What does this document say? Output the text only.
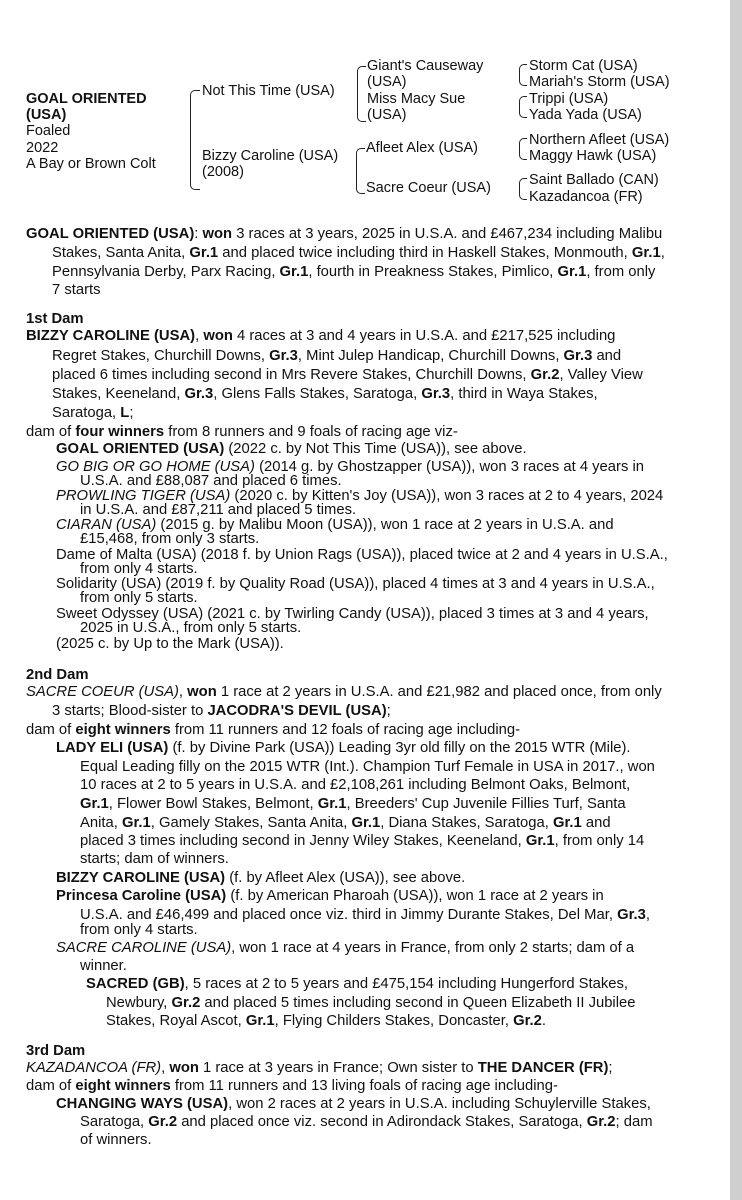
GOAL ORIENTED
(USA)
Foaled
2022
A Bay or Brown Colt
Not This Time (USA)
Giant's Causeway
(USA)
Miss Macy Sue
(USA)
Storm Cat (USA)
Mariah's Storm (USA)
Trippi (USA)
Yada Yada (USA)
Bizzy Caroline (USA)
(2008)
Afleet Alex (USA)
Sacre Coeur (USA)
Northern Afleet (USA)
Maggy Hawk (USA)
Saint Ballado (CAN)
Kazadancoa (FR)
GOAL ORIENTED (USA): won 3 races at 3 years, 2025 in U.S.A. and £467,234 including Malibu
Stakes, Santa Anita, Gr.1 and placed twice including third in Haskell Stakes, Monmouth, Gr.1,
Pennsylvania Derby, Parx Racing, Gr.1, fourth in Preakness Stakes, Pimlico, Gr.1, from only
7 starts
1st Dam
BIZZY CAROLINE (USA), won 4 races at 3 and 4 years in U.S.A. and £217,525 including
Regret Stakes, Churchill Downs, Gr.3, Mint Julep Handicap, Churchill Downs, Gr.3 and
placed 6 times including second in Mrs Revere Stakes, Churchill Downs, Gr.2, Valley View
Stakes, Keeneland, Gr.3, Glens Falls Stakes, Saratoga, Gr.3, third in Waya Stakes,
Saratoga, L;
dam of four winners from 8 runners and 9 foals of racing age viz-
GOAL ORIENTED (USA) (2022 c. by Not This Time (USA)), see above.
GO BIG OR GO HOME (USA) (2014 g. by Ghostzapper (USA)), won 3 races at 4 years in
U.S.A. and £88,087 and placed 6 times.
PROWLING TIGER (USA) (2020 c. by Kitten's Joy (USA)), won 3 races at 2 to 4 years, 2024
in U.S.A. and £87,211 and placed 5 times.
CIARAN (USA) (2015 g. by Malibu Moon (USA)), won 1 race at 2 years in U.S.A. and
£15,468, from only 3 starts.
Dame of Malta (USA) (2018 f. by Union Rags (USA)), placed twice at 2 and 4 years in U.S.A.,
from only 4 starts.
Solidarity (USA) (2019 f. by Quality Road (USA)), placed 4 times at 3 and 4 years in U.S.A.,
from only 5 starts.
Sweet Odyssey (USA) (2021 c. by Twirling Candy (USA)), placed 3 times at 3 and 4 years,
2025 in U.S.A., from only 5 starts.
(2025 c. by Up to the Mark (USA)).
2nd Dam
SACRE COEUR (USA), won 1 race at 2 years in U.S.A. and £21,982 and placed once, from only
3 starts; Blood-sister to JACODRA'S DEVIL (USA);
dam of eight winners from 11 runners and 12 foals of racing age including-
LADY ELI (USA) (f. by Divine Park (USA)) Leading 3yr old filly on the 2015 WTR (Mile).
Equal Leading filly on the 2015 WTR (Int.). Champion Turf Female in USA in 2017., won
10 races at 2 to 5 years in U.S.A. and £2,108,261 including Belmont Oaks, Belmont,
Gr.1, Flower Bowl Stakes, Belmont, Gr.1, Breeders' Cup Juvenile Fillies Turf, Santa
Anita, Gr.1, Gamely Stakes, Santa Anita, Gr.1, Diana Stakes, Saratoga, Gr.1 and
placed 3 times including second in Jenny Wiley Stakes, Keeneland, Gr.1, from only 14
starts; dam of winners.
BIZZY CAROLINE (USA) (f. by Afleet Alex (USA)), see above.
Princesa Caroline (USA) (f. by American Pharoah (USA)), won 1 race at 2 years in
U.S.A. and £46,499 and placed once viz. third in Jimmy Durante Stakes, Del Mar, Gr.3,
from only 4 starts.
SACRE CAROLINE (USA), won 1 race at 4 years in France, from only 2 starts; dam of a
winner.
SACRED (GB), 5 races at 2 to 5 years and £475,154 including Hungerford Stakes,
Newbury, Gr.2 and placed 5 times including second in Queen Elizabeth II Jubilee
Stakes, Royal Ascot, Gr.1, Flying Childers Stakes, Doncaster, Gr.2.
3rd Dam
KAZADANCOA (FR), won 1 race at 3 years in France; Own sister to THE DANCER (FR);
dam of eight winners from 11 runners and 13 living foals of racing age including-
CHANGING WAYS (USA), won 2 races at 2 years in U.S.A. including Schuylerville Stakes,
Saratoga, Gr.2 and placed once viz. second in Adirondack Stakes, Saratoga, Gr.2; dam
of winners.
